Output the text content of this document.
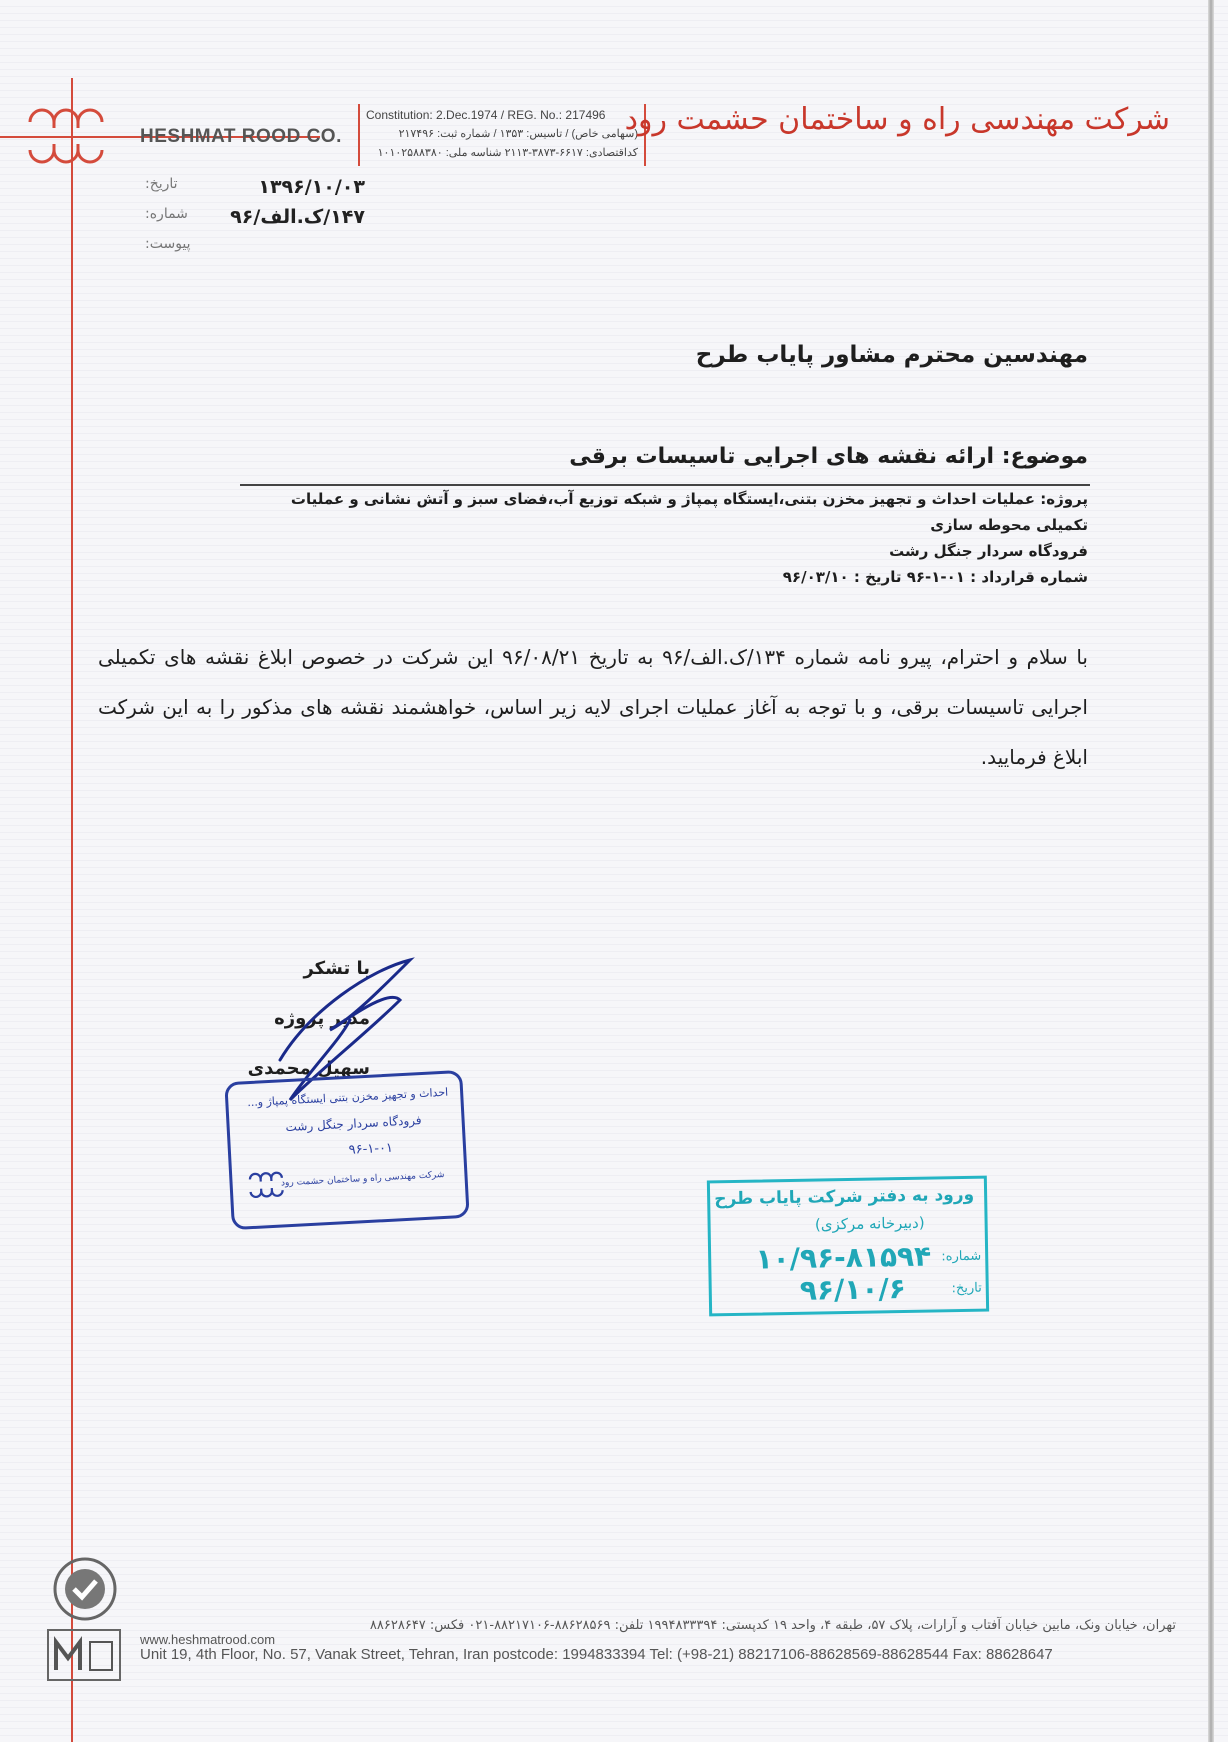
HESHMAT ROOD CO.
Constitution: 2.Dec.1974 / REG. No.: 217496
(سهامی خاص) / تاسیس: ۱۳۵۳ / شماره ثبت: ۲۱۷۴۹۶
کداقتصادی: ۶۶۱۷-۳۸۷۳-۲۱۱۳ شناسه ملی: ۱۰۱۰۲۵۸۸۳۸۰
شرکت مهندسی راه و ساختمان حشمت رود
تاریخ:	۱۳۹۶/۱۰/۰۳
شماره: ۱۴۷/ک.الف/۹۶
پیوست:
مهندسین محترم مشاور پایاب طرح
موضوع: ارائه نقشه های اجرایی تاسیسات برقی
پروژه: عملیات احداث و تجهیز مخزن بتنی،ایستگاه پمپاژ و شبکه توزیع آب،فضای سبز و آتش نشانی و عملیات تکمیلی محوطه سازی
فرودگاه سردار جنگل رشت
شماره قرارداد : ۰۱-۱-۹۶ تاریخ : ۹۶/۰۳/۱۰
با سلام و احترام، پیرو نامه شماره ۱۳۴/ک.الف/۹۶ به تاریخ ۹۶/۰۸/۲۱ این شرکت در خصوص ابلاغ نقشه های تکمیلی اجرایی تاسیسات برقی، و با توجه به آغاز عملیات اجرای لایه زیر اساس، خواهشمند نقشه های مذکور را به این شرکت ابلاغ فرمایید.
با تشکر
مدیر پروژه
سهیل محمدی
احداث و تجهیز مخزن بتنی ایستگاه پمپاژ و...
فرودگاه سردار جنگل رشت
۹۶-۱-۰۱
شرکت مهندسی راه و ساختمان حشمت رود
ورود به دفتر شرکت پایاب طرح
(دبیرخانه مرکزی)
شماره:
۱۰/۹۶-۸۱۵۹۴
تاریخ:
۹۶/۱۰/۶
تهران، خیابان ونک، مابین خیابان آفتاب و آرارات، پلاک ۵۷، طبقه ۴، واحد ۱۹ کدپستی: ۱۹۹۴۸۳۳۳۹۴ تلفن: ۸۸۶۲۸۵۶۹-۸۸۲۱۷۱۰۶-۰۲۱ فکس: ۸۸۶۲۸۶۴۷
www.heshmatrood.com
Unit 19, 4th Floor, No. 57, Vanak Street, Tehran, Iran postcode: 1994833394 Tel: (+98-21) 88217106-88628569-88628544 Fax: 88628647
